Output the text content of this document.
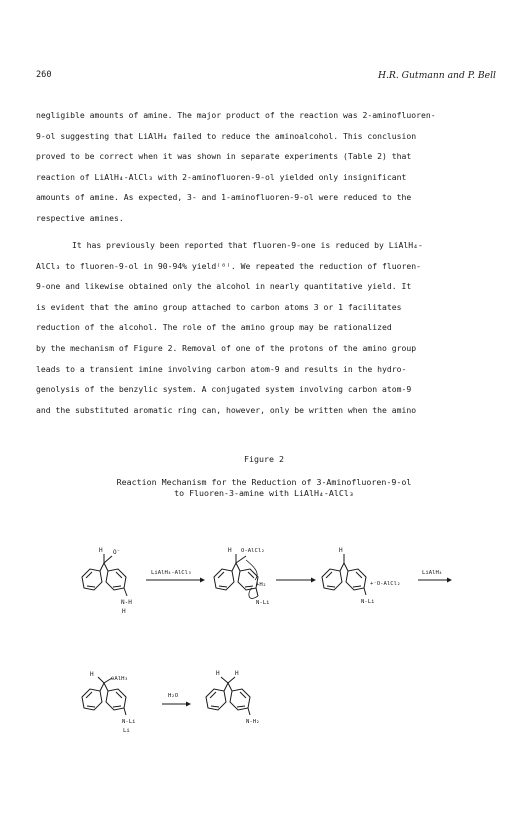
260	H.R. Gutmann and P. Bell
negligible amounts of amine. The major product of the reaction was 2-aminofluoren-
9-ol suggesting that LiAlH₄ failed to reduce the aminoalcohol. This conclusion
proved to be correct when it was shown in separate experiments (Table 2) that
reaction of LiAlH₄-AlCl₃ with 2-aminofluoren-9-ol yielded only insignificant
amounts of amine. As expected, 3- and 1-aminofluoren-9-ol were reduced to the
respective amines.
It has previously been reported that fluoren-9-one is reduced by LiAlH₄-
AlCl₃ to fluoren-9-ol in 90-94% yield⁽⁸⁾. We repeated the reduction of fluoren-
9-one and likewise obtained only the alcohol in nearly quantitative yield. It
is evident that the amino group attached to carbon atoms 3 or 1 facilitates
reduction of the alcohol. The role of the amino group may be rationalized
by the mechanism of Figure 2. Removal of one of the protons of the amino group
leads to a transient imine involving carbon atom-9 and results in the hydro-
genolysis of the benzylic system. A conjugated system involving carbon atom-9
and the substituted aromatic ring can, however, only be written when the amino
Figure 2
Reaction Mechanism for the Reduction of 3-Aminofluoren-9-ol
to Fluoren-3-amine with LiAlH₄-AlCl₃
H O⁻
N-H
H
LiAlH₄-AlCl₃
H O-AlCl₂
+H₂
N-Li
H
+⁻O-AlCl₂
N-Li
LiAlH₄
H
⊖AlH₃
N-Li
Li
H₂O
H	H
N-H₂
